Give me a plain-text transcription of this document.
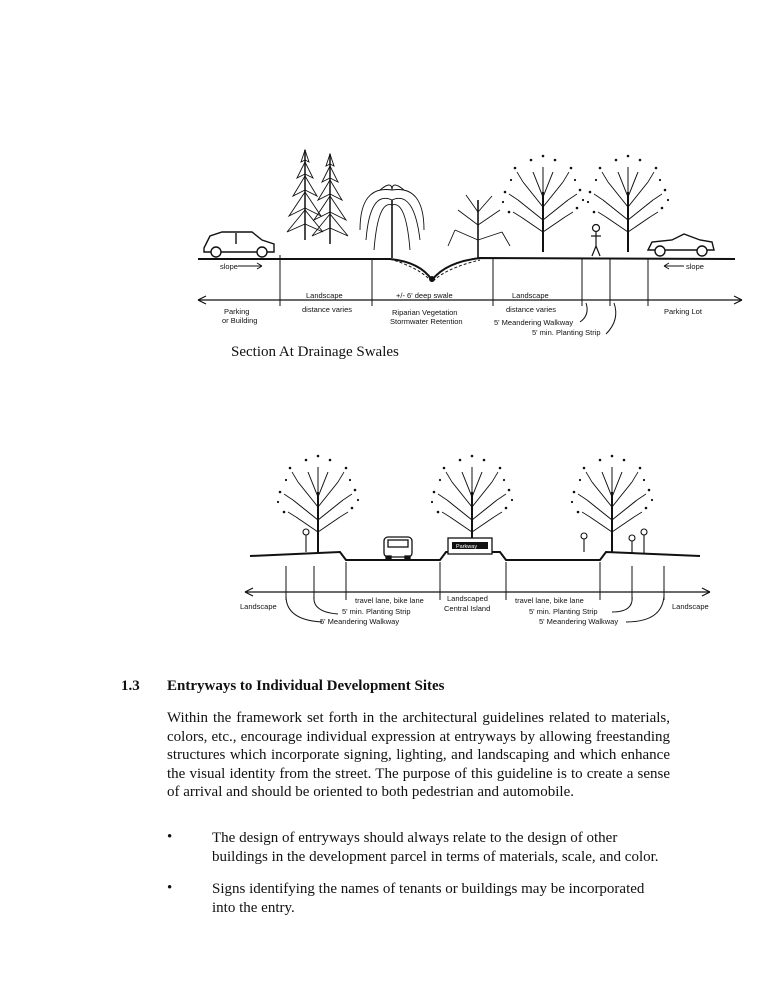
slope	slope
Parking
or Building
Landscape
distance varies
+/- 6' deep swale
Riparian Vegetation
Stormwater Retention
Landscape
distance varies
5' Meandering Walkway
5' min. Planting Strip
Parking Lot
Parkway
Landscape
travel lane, bike lane
5' min. Planting Strip
5' Meandering Walkway
Landscaped
Central Island
travel lane, bike lane
5' min. Planting Strip
5' Meandering Walkway
Landscape
Section At Drainage Swales
1.3 Entryways to Individual Development Sites
Within the framework set forth in the architectural guidelines related to materials, colors, etc., encourage individual expression at entryways by allowing freestanding structures which incorporate signing, lighting, and landscaping and which enhance the visual identity from the street. The purpose of this guideline is to create a sense of arrival and should be oriented to both pedestrian and automobile.
•	The design of entryways should always relate to the design of other buildings in the development parcel in terms of materials, scale, and color.
•	Signs identifying the names of tenants or buildings may be incorporated into the entry.
